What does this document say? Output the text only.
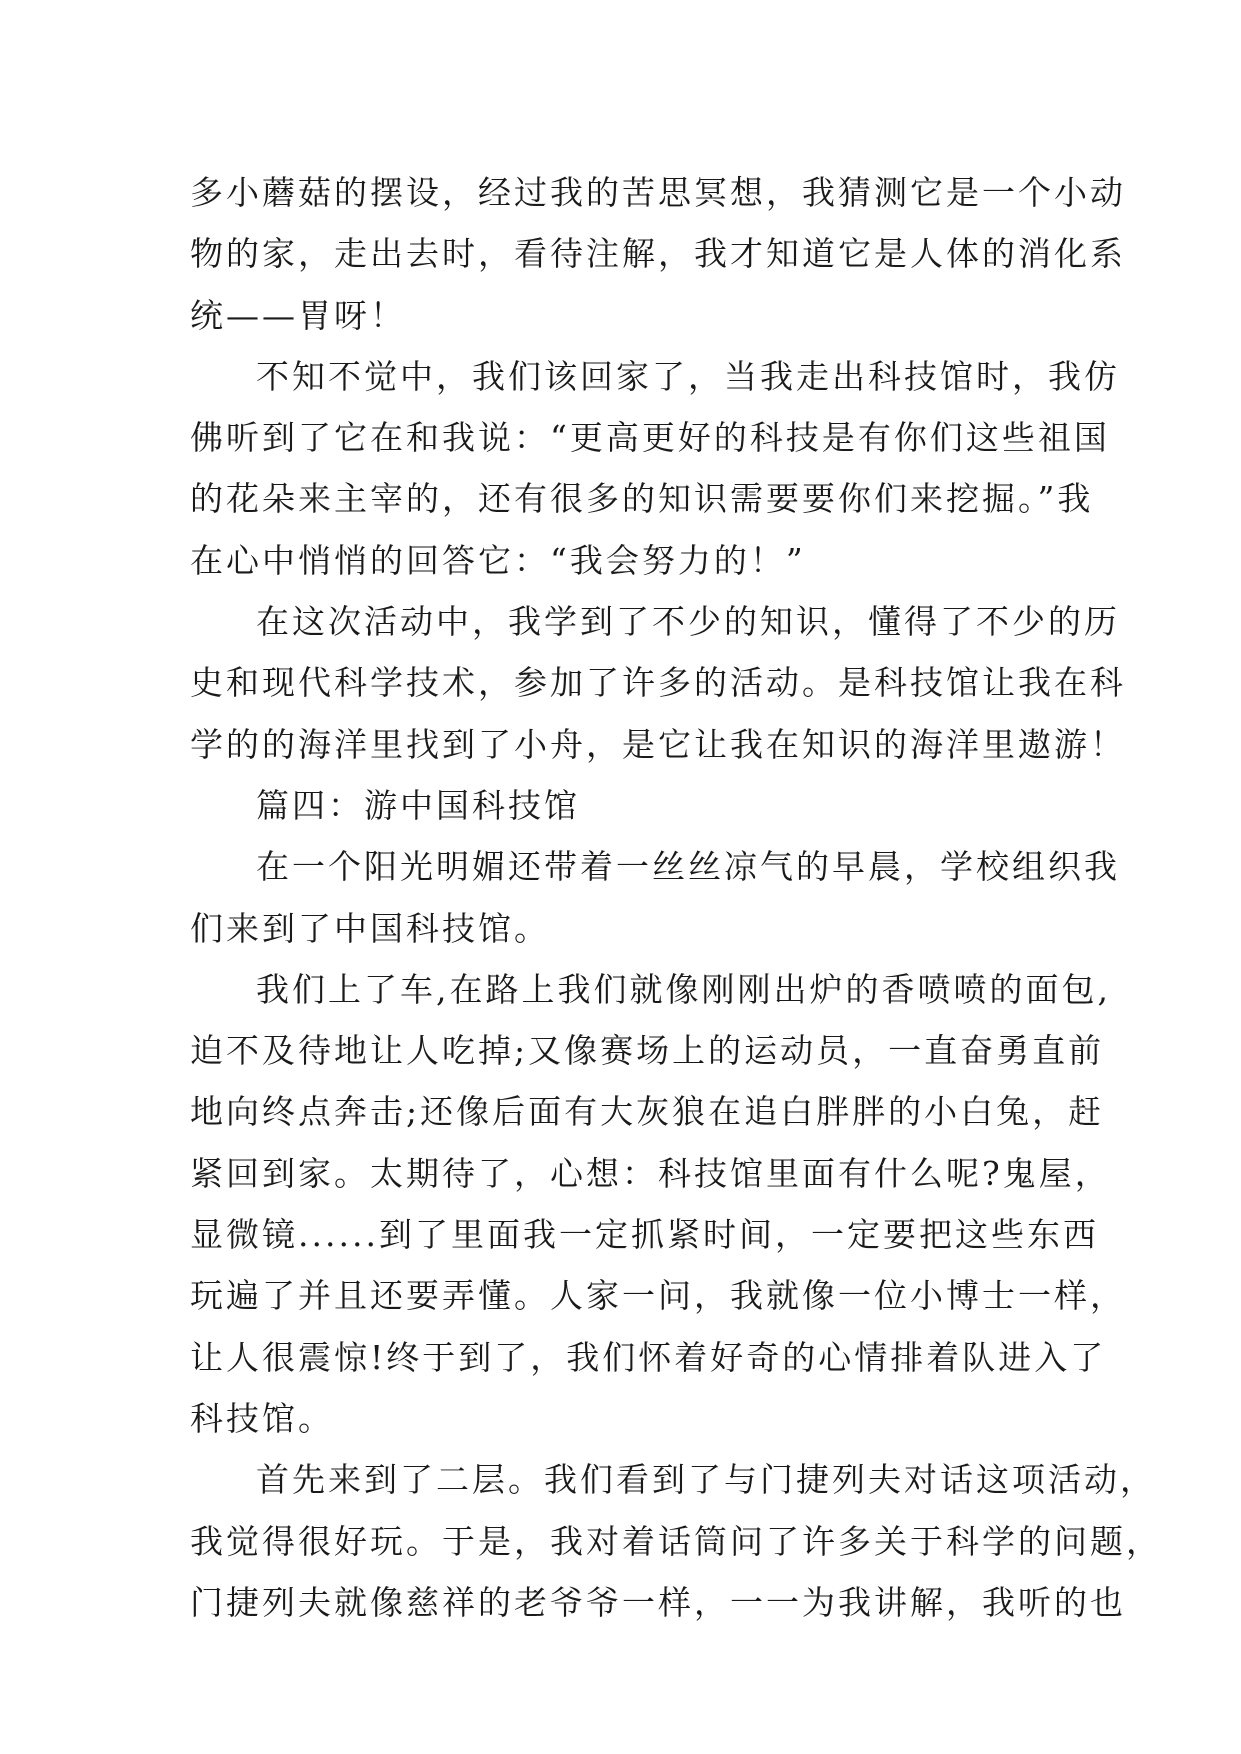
多小蘑菇的摆设，经过我的苦思冥想，我猜测它是一个小动
物的家，走出去时，看待注解，我才知道它是人体的消化系
统——胃呀！
不知不觉中，我们该回家了，当我走出科技馆时，我仿
佛听到了它在和我说：“更高更好的科技是有你们这些祖国
的花朵来主宰的，还有很多的知识需要要你们来挖掘。”我
在心中悄悄的回答它：“我会努力的！”
在这次活动中，我学到了不少的知识，懂得了不少的历
史和现代科学技术，参加了许多的活动。是科技馆让我在科
学的的海洋里找到了小舟，是它让我在知识的海洋里遨游！
篇四：游中国科技馆
在一个阳光明媚还带着一丝丝凉气的早晨，学校组织我
们来到了中国科技馆。
我们上了车,在路上我们就像刚刚出炉的香喷喷的面包,
迫不及待地让人吃掉;又像赛场上的运动员，一直奋勇直前
地向终点奔击;还像后面有大灰狼在追白胖胖的小白兔，赶
紧回到家。太期待了，心想：科技馆里面有什么呢?鬼屋，
显微镜......到了里面我一定抓紧时间，一定要把这些东西
玩遍了并且还要弄懂。人家一问，我就像一位小博士一样，
让人很震惊!终于到了，我们怀着好奇的心情排着队进入了
科技馆。
首先来到了二层。我们看到了与门捷列夫对话这项活动，
我觉得很好玩。于是，我对着话筒问了许多关于科学的问题，
门捷列夫就像慈祥的老爷爷一样，一一为我讲解，我听的也
